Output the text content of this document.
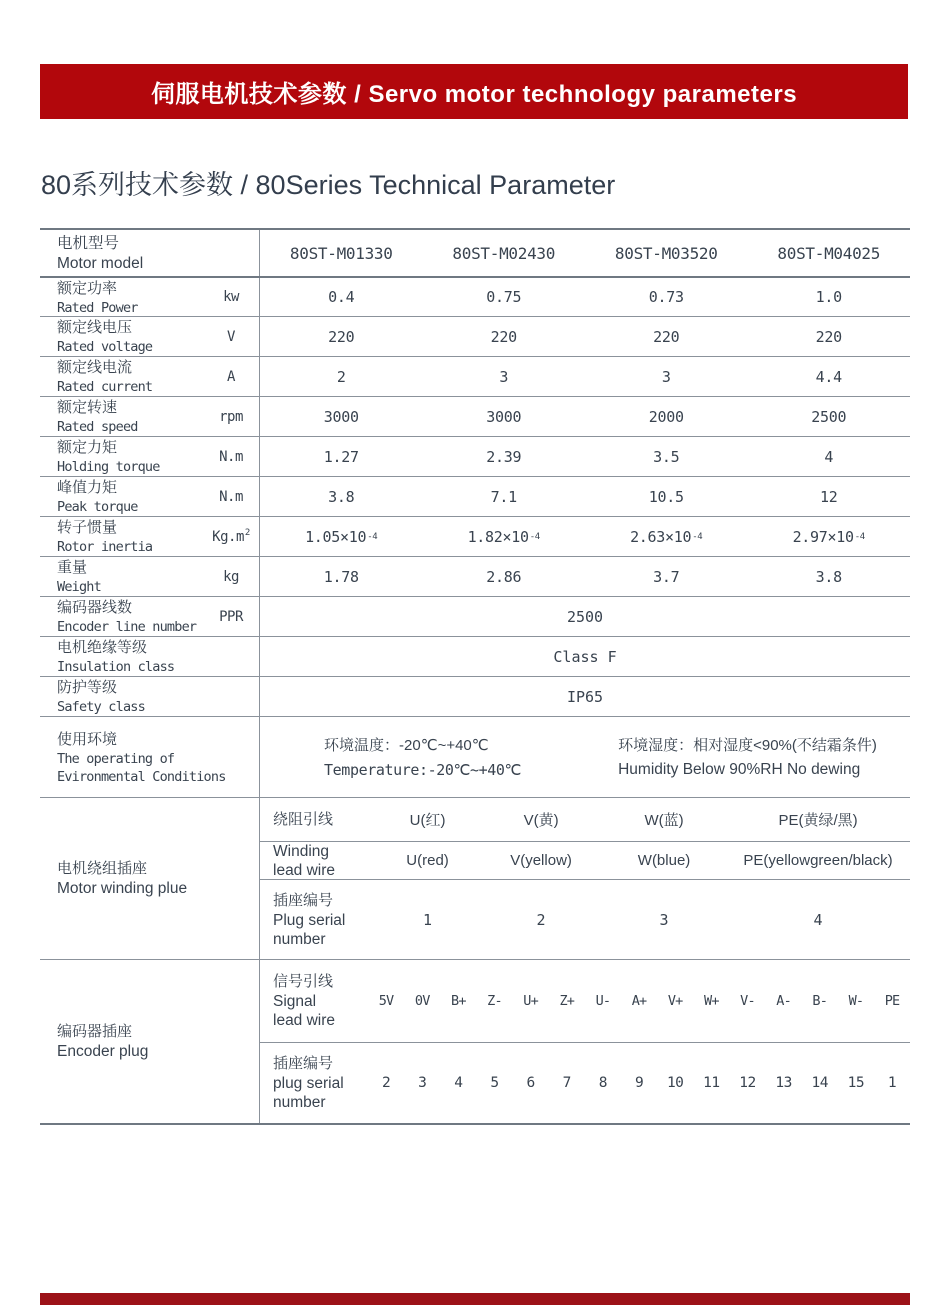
伺服电机技术参数 / Servo motor technology parameters
80系列技术参数 / 80Series Technical Parameter
电机型号
Motor model
80ST-M01330	80ST-M02430	80ST-M03520	80ST-M04025
额定功率
Rated Power
kw	0.4	0.75	0.73	1.0
额定线电压
Rated voltage
V	220	220	220	220
额定线电流
Rated current
A	2	3	3	4.4
额定转速
Rated speed
rpm	3000	3000	2000	2500
额定力矩
Holding torque
N.m	1.27	2.39	3.5	4
峰值力矩
Peak torque
N.m	3.8	7.1	10.5	12
转子惯量
Rotor inertia
$Kg.m^2$	1.05×10 -4	1.82×10 -4	2.63×10 -4	2.97×10 -4
重量
Weight
kg	1.78	2.86	3.7	3.8
编码器线数
Encoder line number
PPR	2500
电机绝缘等级
Insulation class
Class F
防护等级
Safety class
IP65
使用环境
The operating of
Evironmental Conditions
环境温度：-20℃~+40℃
Temperature:-20℃~+40℃
环境湿度：相对湿度<90%(不结霜条件)
Humidity Below 90%RH No dewing
电机绕组插座
Motor winding plue
绕阻引线	U(红)	V(黄)	W(蓝)	PE(黄绿/黑)
Winding
lead wire
U(red)	V(yellow)	W(blue)	PE(yellowgreen/black)
插座编号
Plug serial
number
1	2	3	4
编码器插座
Encoder plug
信号引线
Signal
lead wire
5V	0V	B+	Z-	U+	Z+	U-	A+	V+	W+	V-	A-	B-	W-	PE
插座编号
plug serial
number
2	3	4	5	6	7	8	9	10	11	12	13	14	15	1
